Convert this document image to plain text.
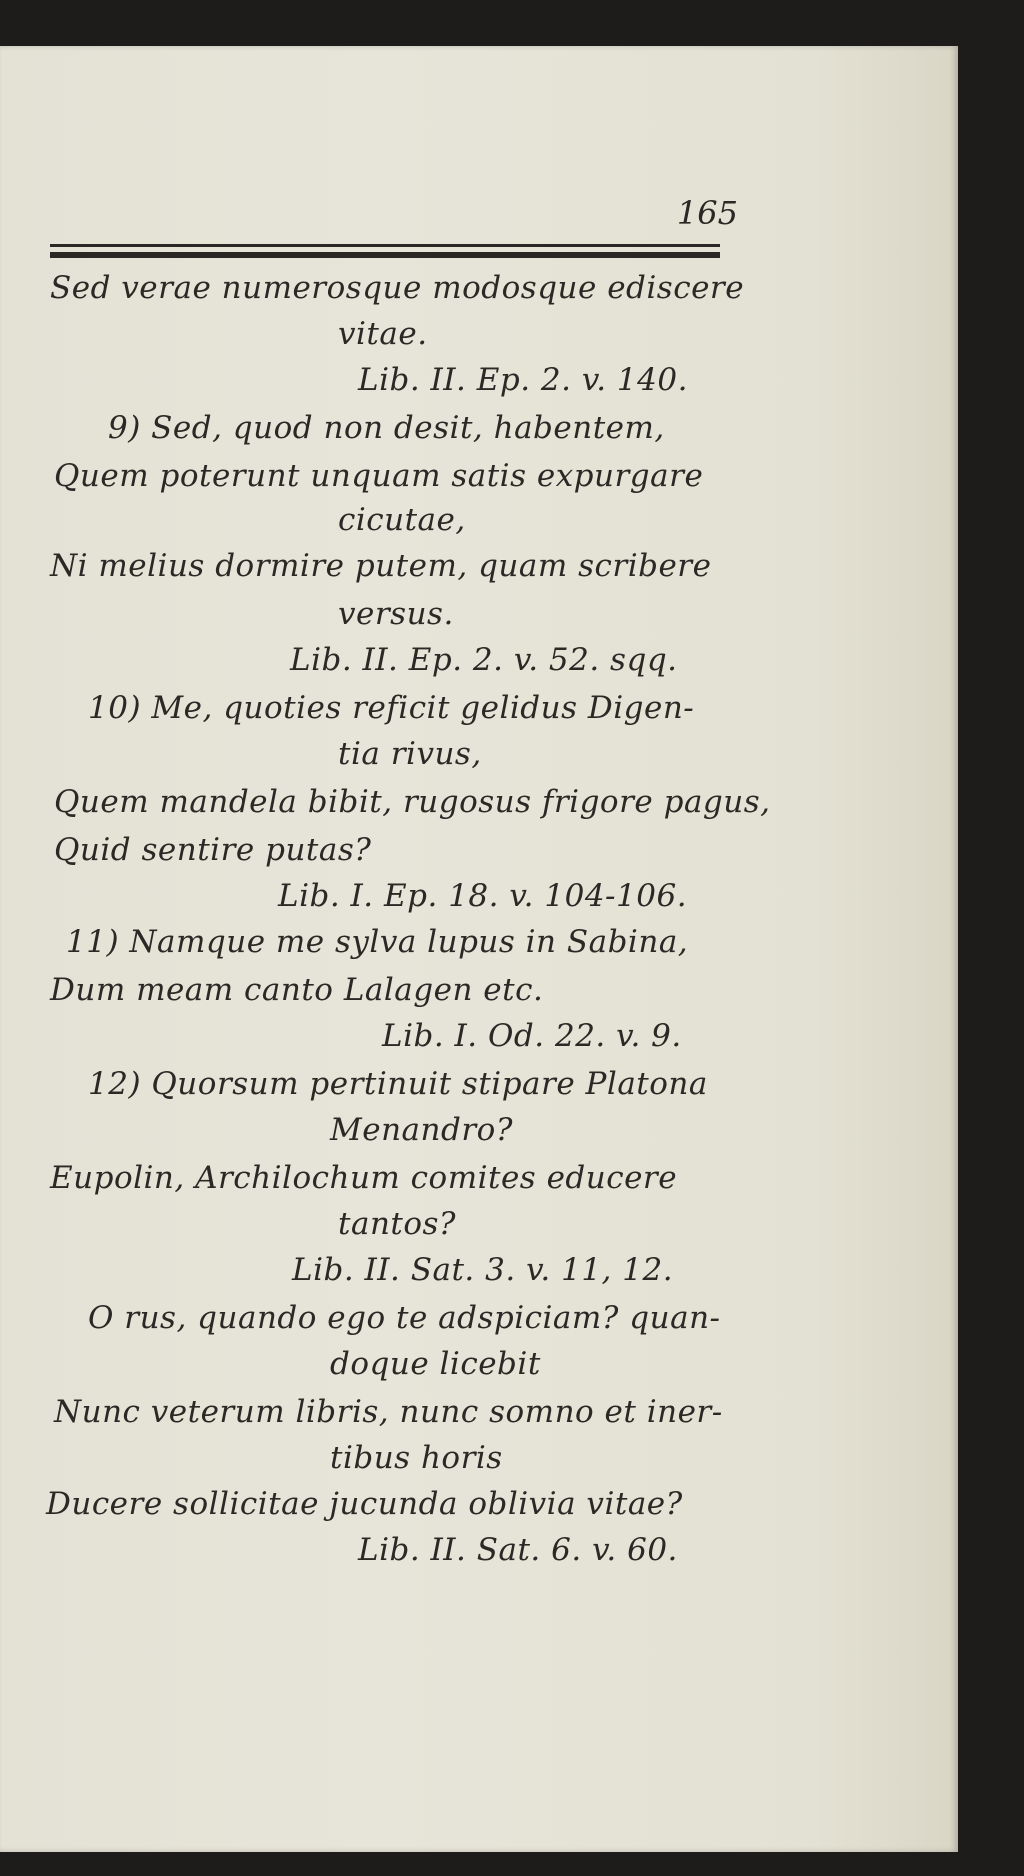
165

Sed verae numerosque modosque ediscere

vitae.

Lib. II. Ep. 2. v. 140.

9) Sed, quod non desit, habentem,

Quem poterunt unquam satis expurgare

cicutae,

Ni melius dormire putem, quam scribere

versus.

Lib. II. Ep. 2. v. 52. sqq.

10) Me, quoties reficit gelidus Digen-

tia rivus,

Quem mandela bibit, rugosus frigore pagus,

Quid sentire putas?

Lib. I. Ep. 18. v. 104-106.

11) Namque me sylva lupus in Sabina,

Dum meam canto Lalagen etc.

Lib. I. Od. 22. v. 9.

12) Quorsum pertinuit stipare Platona

Menandro?

Eupolin, Archilochum comites educere

tantos?

Lib. II. Sat. 3. v. 11, 12.

O rus, quando ego te adspiciam? quan-

doque licebit

Nunc veterum libris, nunc somno et iner-

tibus horis

Ducere sollicitae jucunda oblivia vitae?

Lib. II. Sat. 6. v. 60.
